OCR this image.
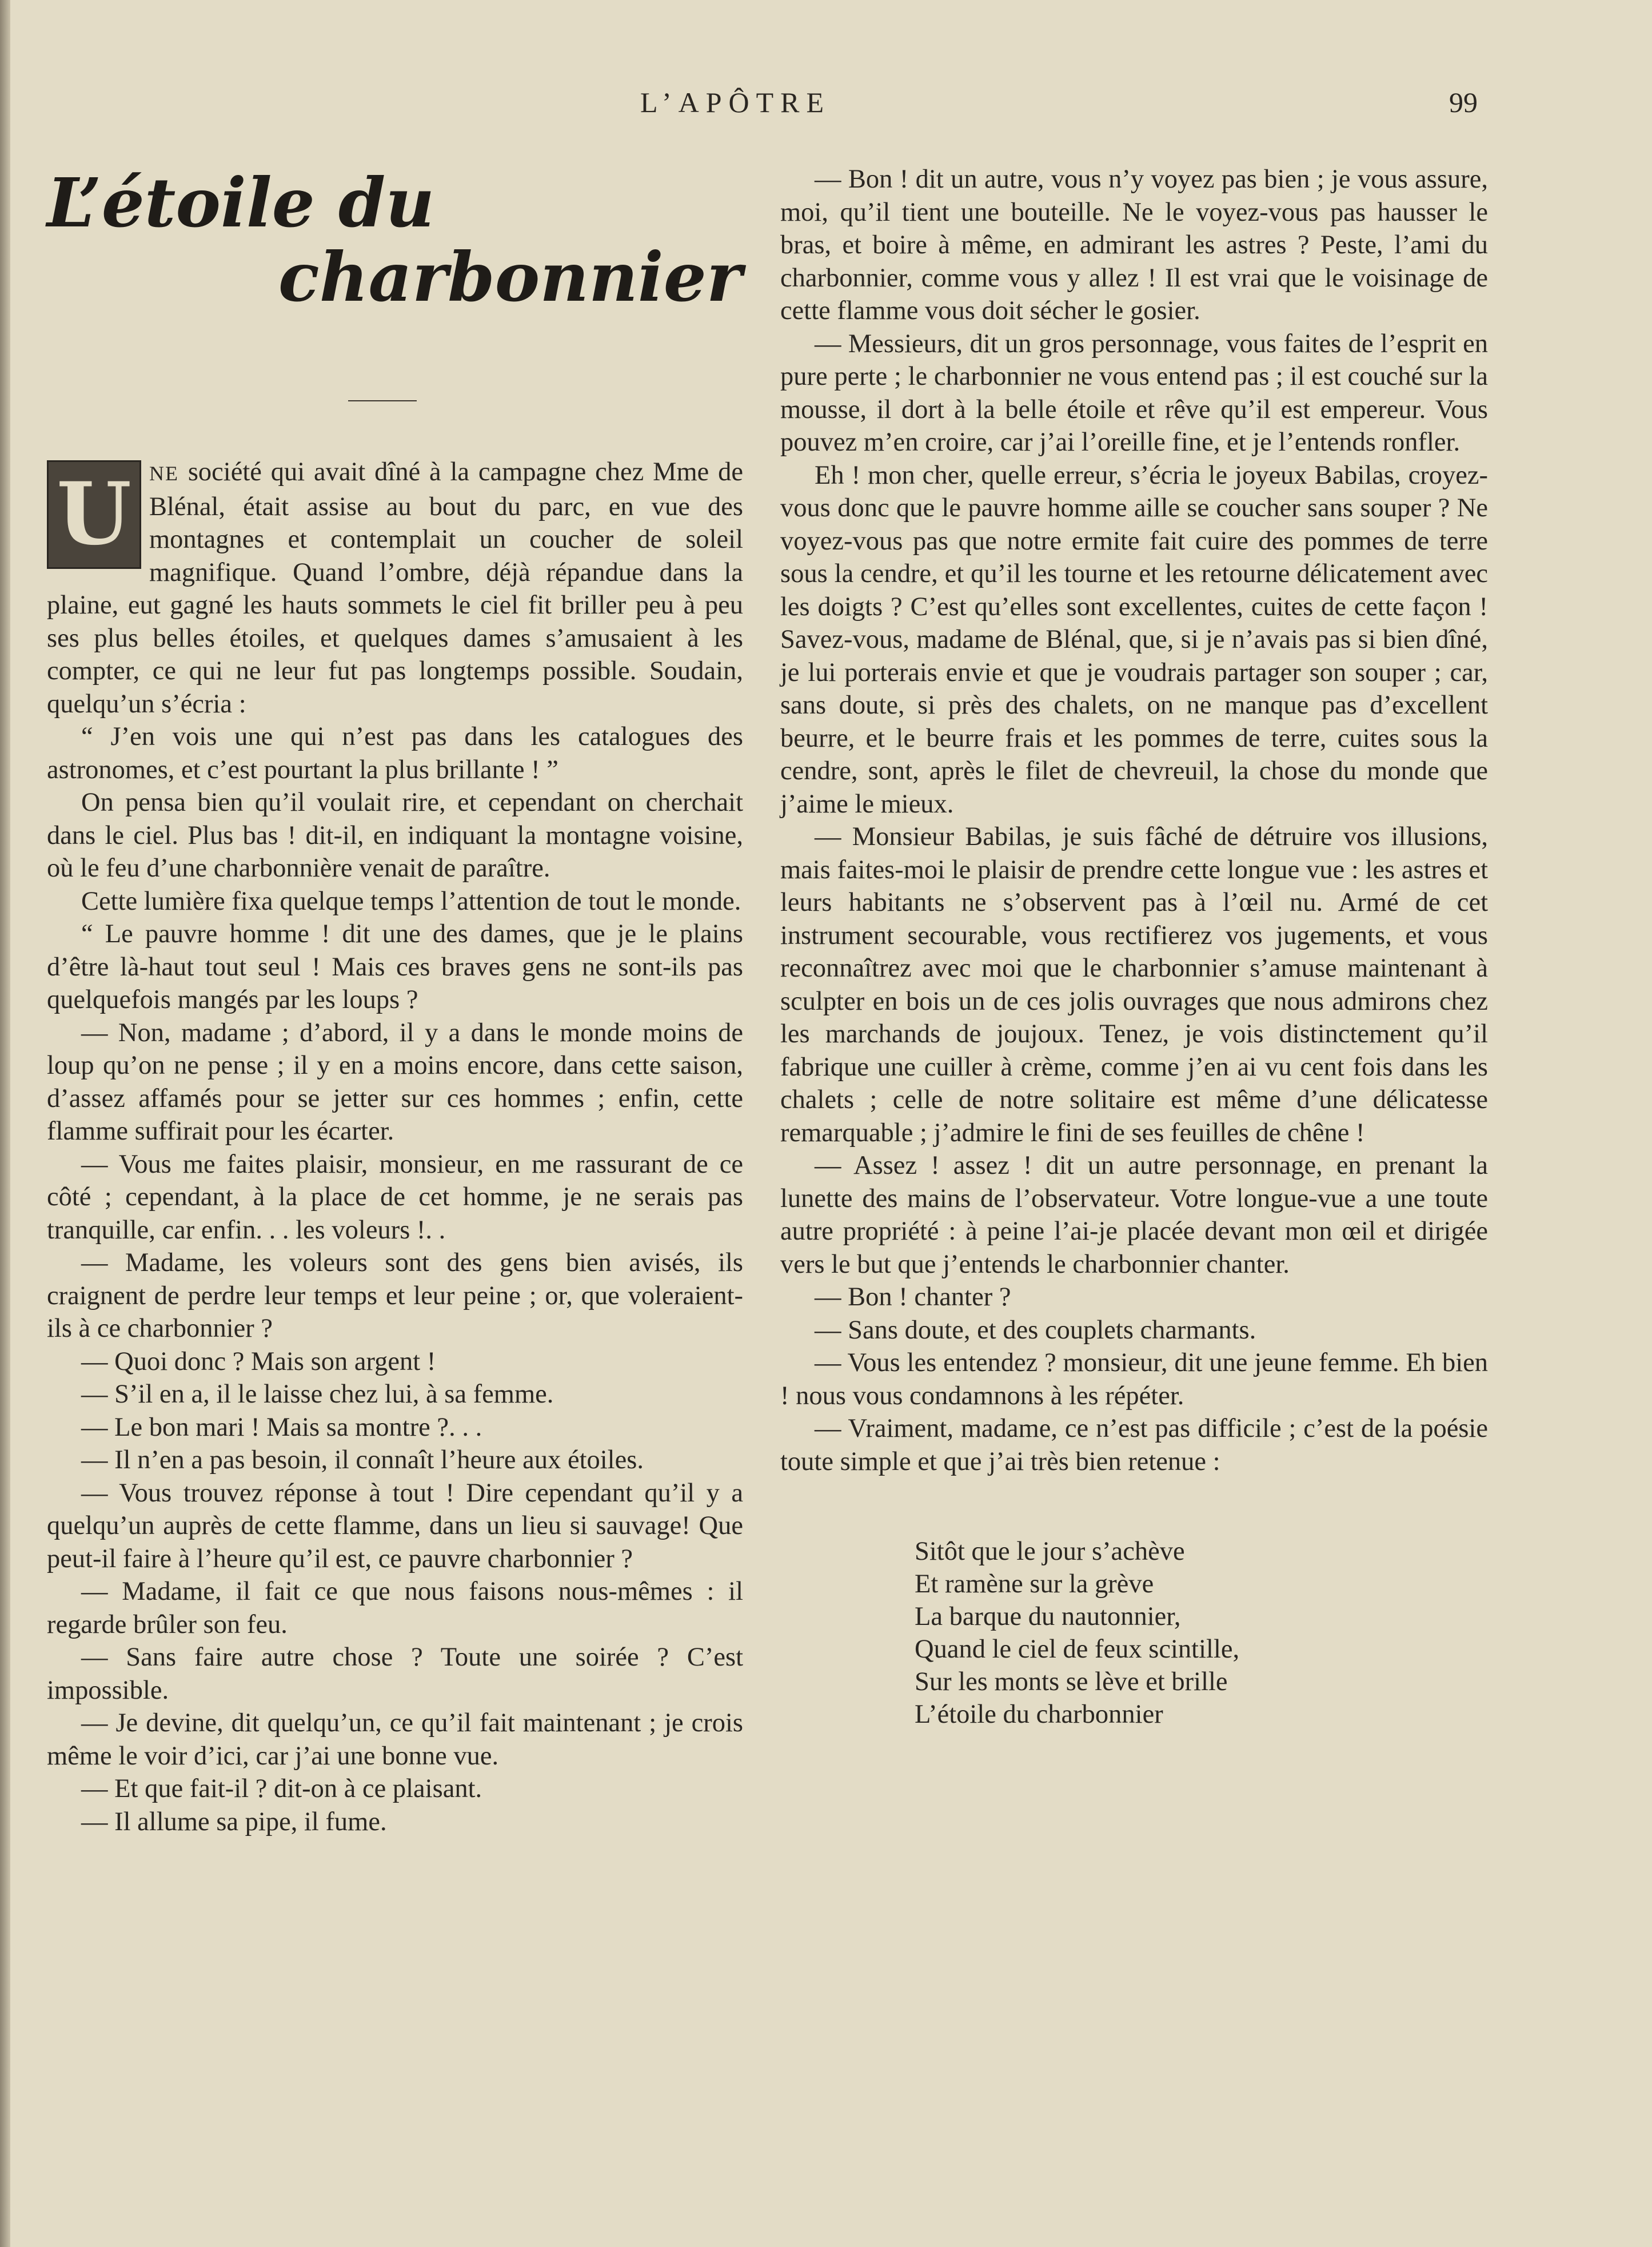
L’APÔTRE	99
L’étoile du
charbonnier

U NE société qui avait dîné à la campagne chez Mme de Blénal, était assise au bout du parc, en vue des montagnes et contemplait un coucher de soleil magnifique. Quand l’ombre, déjà répandue dans la plaine, eut gagné les hauts sommets le ciel fit briller peu à peu ses plus belles étoiles, et quelques dames s’amusaient à les compter, ce qui ne leur fut pas longtemps possible. Soudain, quelqu’un s’écria :

“ J’en vois une qui n’est pas dans les catalogues des astronomes, et c’est pourtant la plus brillante ! ”

On pensa bien qu’il voulait rire, et cependant on cherchait dans le ciel. Plus bas ! dit-il, en indiquant la montagne voisine, où le feu d’une charbonnière venait de paraître.

Cette lumière fixa quelque temps l’attention de tout le monde.

“ Le pauvre homme ! dit une des dames, que je le plains d’être là-haut tout seul ! Mais ces braves gens ne sont-ils pas quelquefois mangés par les loups ?

— Non, madame ; d’abord, il y a dans le monde moins de loup qu’on ne pense ; il y en a moins encore, dans cette saison, d’assez affamés pour se jetter sur ces hommes ; enfin, cette flamme suffirait pour les écarter.

— Vous me faites plaisir, monsieur, en me rassurant de ce côté ; cependant, à la place de cet homme, je ne serais pas tranquille, car enfin. . . les voleurs !. .

— Madame, les voleurs sont des gens bien avisés, ils craignent de perdre leur temps et leur peine ; or, que voleraient-ils à ce charbonnier ?

— Quoi donc ? Mais son argent !

— S’il en a, il le laisse chez lui, à sa femme.

— Le bon mari ! Mais sa montre ?. . .

— Il n’en a pas besoin, il connaît l’heure aux étoiles.

— Vous trouvez réponse à tout ! Dire cependant qu’il y a quelqu’un auprès de cette flamme, dans un lieu si sauvage! Que peut-il faire à l’heure qu’il est, ce pauvre charbonnier ?

— Madame, il fait ce que nous faisons nous-mêmes : il regarde brûler son feu.

— Sans faire autre chose ? Toute une soirée ? C’est impossible.

— Je devine, dit quelqu’un, ce qu’il fait maintenant ; je crois même le voir d’ici, car j’ai une bonne vue.

— Et que fait-il ? dit-on à ce plaisant.

— Il allume sa pipe, il fume.

— Bon ! dit un autre, vous n’y voyez pas bien ; je vous assure, moi, qu’il tient une bouteille. Ne le voyez-vous pas hausser le bras, et boire à même, en admirant les astres ? Peste, l’ami du charbonnier, comme vous y allez ! Il est vrai que le voisinage de cette flamme vous doit sécher le gosier.

— Messieurs, dit un gros personnage, vous faites de l’esprit en pure perte ; le charbonnier ne vous entend pas ; il est couché sur la mousse, il dort à la belle étoile et rêve qu’il est empereur. Vous pouvez m’en croire, car j’ai l’oreille fine, et je l’entends ronfler.

Eh ! mon cher, quelle erreur, s’écria le joyeux Babilas, croyez-vous donc que le pauvre homme aille se coucher sans souper ? Ne voyez-vous pas que notre ermite fait cuire des pommes de terre sous la cendre, et qu’il les tourne et les retourne délicatement avec les doigts ? C’est qu’elles sont excellentes, cuites de cette façon ! Savez-vous, madame de Blénal, que, si je n’avais pas si bien dîné, je lui porterais envie et que je voudrais partager son souper ; car, sans doute, si près des chalets, on ne manque pas d’excellent beurre, et le beurre frais et les pommes de terre, cuites sous la cendre, sont, après le filet de chevreuil, la chose du monde que j’aime le mieux.

— Monsieur Babilas, je suis fâché de détruire vos illusions, mais faites-moi le plaisir de prendre cette longue vue : les astres et leurs habitants ne s’observent pas à l’œil nu. Armé de cet instrument secourable, vous rectifierez vos jugements, et vous reconnaîtrez avec moi que le charbonnier s’amuse maintenant à sculpter en bois un de ces jolis ouvrages que nous admirons chez les marchands de joujoux. Tenez, je vois distinctement qu’il fabrique une cuiller à crème, comme j’en ai vu cent fois dans les chalets ; celle de notre solitaire est même d’une délicatesse remarquable ; j’admire le fini de ses feuilles de chêne !

— Assez ! assez ! dit un autre personnage, en prenant la lunette des mains de l’observateur. Votre longue-vue a une toute autre propriété : à peine l’ai-je placée devant mon œil et dirigée vers le but que j’entends le charbonnier chanter.

— Bon ! chanter ?

— Sans doute, et des couplets charmants.

— Vous les entendez ? monsieur, dit une jeune femme. Eh bien ! nous vous condamnons à les répéter.

— Vraiment, madame, ce n’est pas difficile ; c’est de la poésie toute simple et que j’ai très bien retenue :

Sitôt que le jour s’achève
Et ramène sur la grève
La barque du nautonnier,
Quand le ciel de feux scintille,
Sur les monts se lève et brille
L’étoile du charbonnier
